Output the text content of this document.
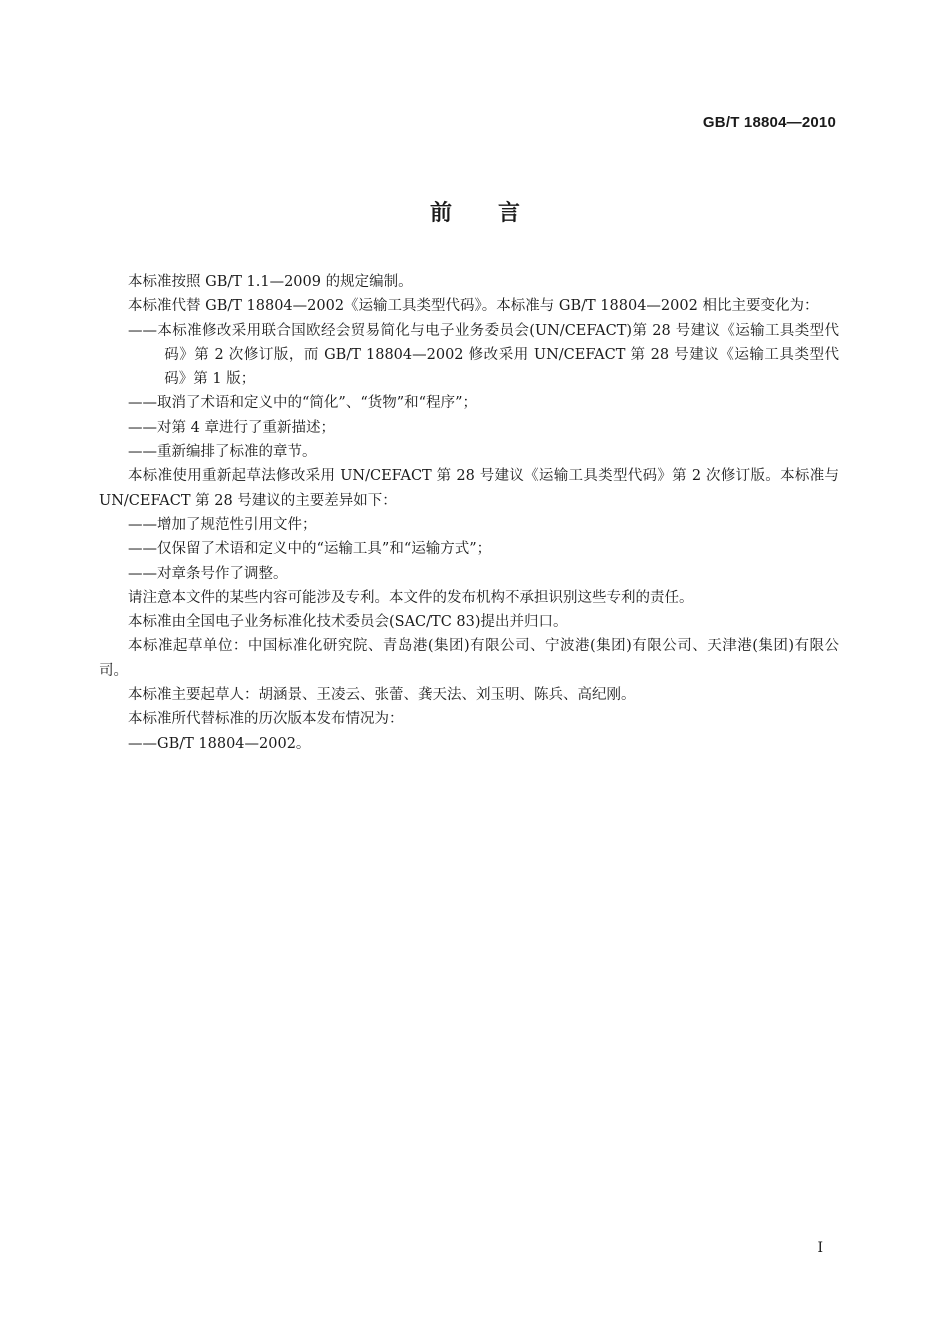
GB/T 18804—2010
前言

本标准按照 GB/T 1.1—2009 的规定编制。

本标准代替 GB/T 18804—2002《运输工具类型代码》。本标准与 GB/T 18804—2002 相比主要变化为：

——本标准修改采用联合国欧经会贸易简化与电子业务委员会(UN/CEFACT)第 28 号建议《运输工具类型代码》第 2 次修订版，而 GB/T 18804—2002 修改采用 UN/CEFACT 第 28 号建议《运输工具类型代码》第 1 版；

——取消了术语和定义中的“简化”、“货物”和“程序”；

——对第 4 章进行了重新描述；

——重新编排了标准的章节。

本标准使用重新起草法修改采用 UN/CEFACT 第 28 号建议《运输工具类型代码》第 2 次修订版。本标准与 UN/CEFACT 第 28 号建议的主要差异如下：

——增加了规范性引用文件；

——仅保留了术语和定义中的“运输工具”和“运输方式”；

——对章条号作了调整。

请注意本文件的某些内容可能涉及专利。本文件的发布机构不承担识别这些专利的责任。

本标准由全国电子业务标准化技术委员会(SAC/TC 83)提出并归口。

本标准起草单位：中国标准化研究院、青岛港(集团)有限公司、宁波港(集团)有限公司、天津港(集团)有限公司。

本标准主要起草人：胡涵景、王凌云、张蕾、龚天法、刘玉明、陈兵、高纪刚。

本标准所代替标准的历次版本发布情况为：

——GB/T 18804—2002。

I
